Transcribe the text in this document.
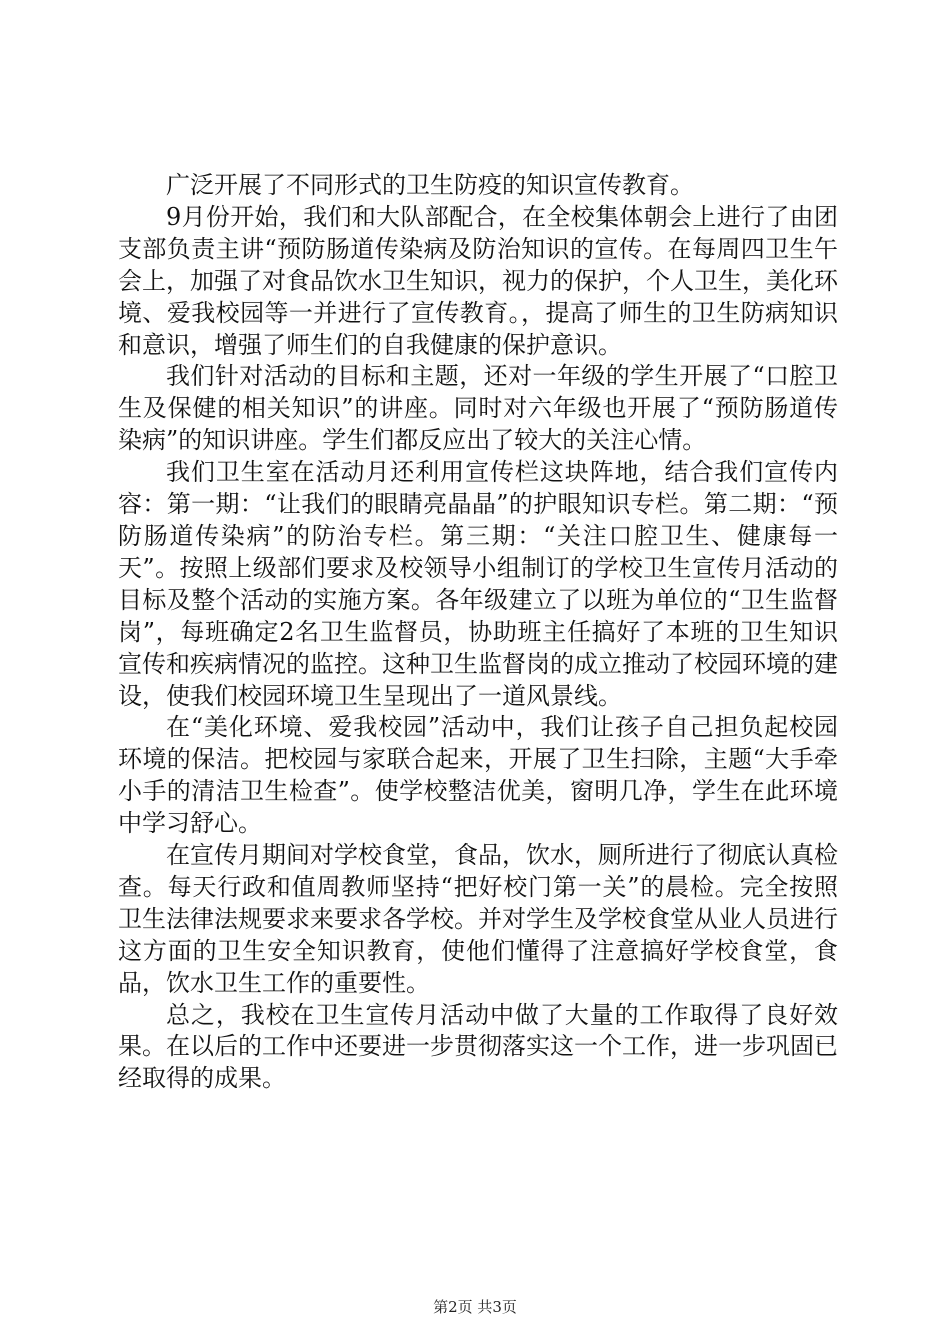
广泛开展了不同形式的卫生防疫的知识宣传教育。

9月份开始，我们和大队部配合，在全校集体朝会上进行了由团支部负责主讲“预防肠道传染病及防治知识的宣传。在每周四卫生午会上，加强了对食品饮水卫生知识，视力的保护，个人卫生，美化环境、爱我校园等一并进行了宣传教育。，提高了师生的卫生防病知识和意识，增强了师生们的自我健康的保护意识。

我们针对活动的目标和主题，还对一年级的学生开展了“口腔卫生及保健的相关知识”的讲座。同时对六年级也开展了“预防肠道传染病”的知识讲座。学生们都反应出了较大的关注心情。

我们卫生室在活动月还利用宣传栏这块阵地，结合我们宣传内容：第一期：“让我们的眼睛亮晶晶”的护眼知识专栏。第二期：“预防肠道传染病”的防治专栏。第三期：“关注口腔卫生、健康每一天”。按照上级部们要求及校领导小组制订的学校卫生宣传月活动的目标及整个活动的实施方案。各年级建立了以班为单位的“卫生监督岗”，每班确定2名卫生监督员，协助班主任搞好了本班的卫生知识宣传和疾病情况的监控。这种卫生监督岗的成立推动了校园环境的建设，使我们校园环境卫生呈现出了一道风景线。

在“美化环境、爱我校园”活动中，我们让孩子自己担负起校园环境的保洁。把校园与家联合起来，开展了卫生扫除，主题“大手牵小手的清洁卫生检查”。使学校整洁优美，窗明几净，学生在此环境中学习舒心。

在宣传月期间对学校食堂，食品，饮水，厕所进行了彻底认真检查。每天行政和值周教师坚持“把好校门第一关”的晨检。完全按照卫生法律法规要求来要求各学校。并对学生及学校食堂从业人员进行这方面的卫生安全知识教育，使他们懂得了注意搞好学校食堂，食品，饮水卫生工作的重要性。

总之，我校在卫生宣传月活动中做了大量的工作取得了良好效果。在以后的工作中还要进一步贯彻落实这一个工作，进一步巩固已经取得的成果。

第2页 共3页
